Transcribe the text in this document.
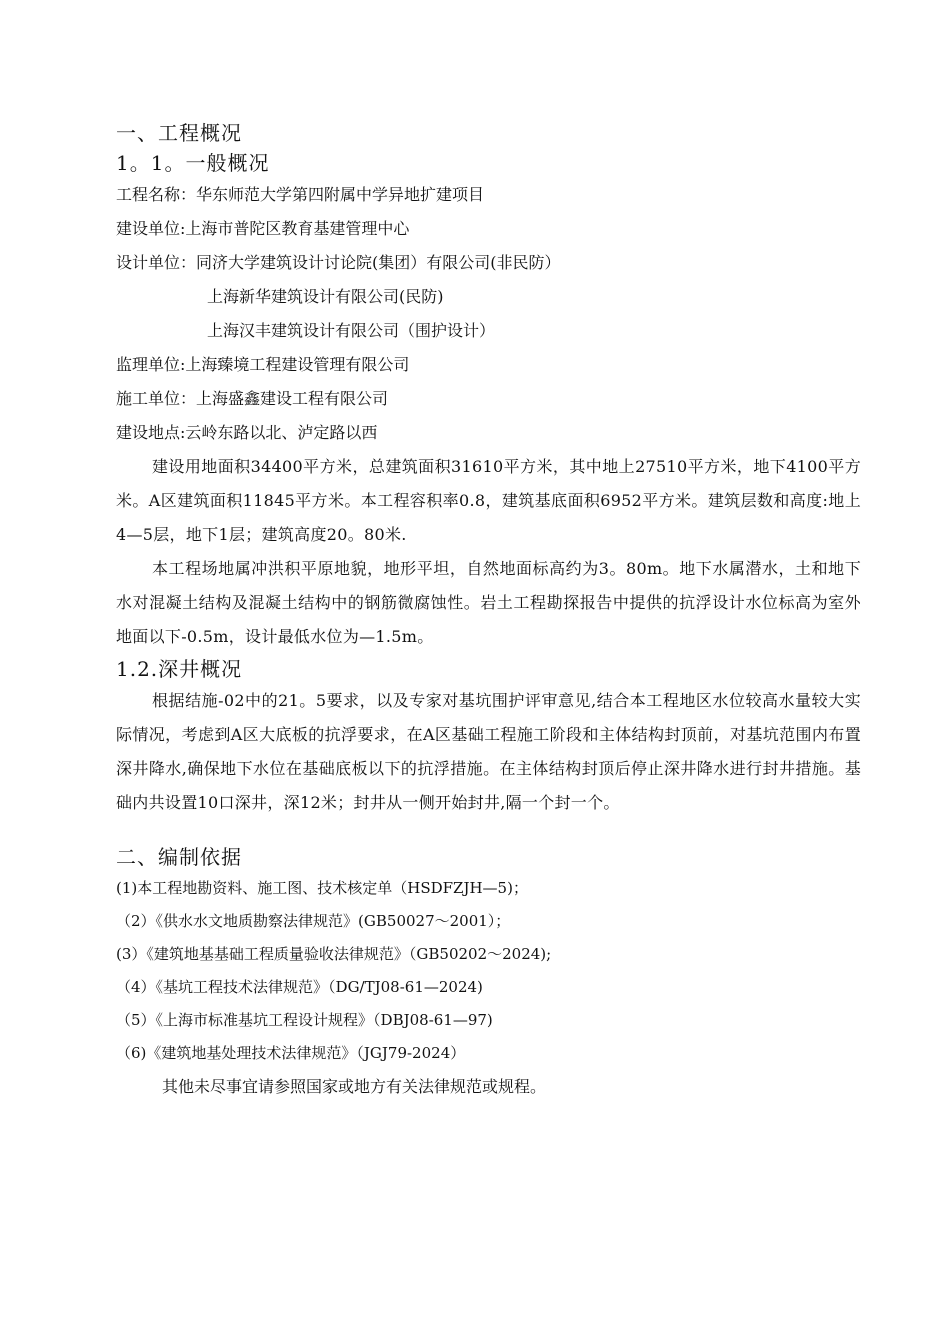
一、工程概况

1。1。一般概况

工程名称：华东师范大学第四附属中学异地扩建项目

建设单位:上海市普陀区教育基建管理中心

设计单位：同济大学建筑设计讨论院(集团）有限公司(非民防）

上海新华建筑设计有限公司(民防)

上海汉丰建筑设计有限公司（围护设计）

监理单位:上海臻境工程建设管理有限公司

施工单位：上海盛鑫建设工程有限公司

建设地点:云岭东路以北、泸定路以西

建设用地面积34400平方米，总建筑面积31610平方米，其中地上27510平方米，地下4100平方米。A区建筑面积11845平方米。本工程容积率0.8，建筑基底面积6952平方米。建筑层数和高度:地上4—5层，地下1层；建筑高度20。80米.

本工程场地属冲洪积平原地貌，地形平坦，自然地面标高约为3。80m。地下水属潜水，土和地下水对混凝土结构及混凝土结构中的钢筋微腐蚀性。岩土工程勘探报告中提供的抗浮设计水位标高为室外地面以下-0.5m，设计最低水位为—1.5m。

1.2.深井概况

根据结施-02中的21。5要求，以及专家对基坑围护评审意见,结合本工程地区水位较高水量较大实际情况，考虑到A区大底板的抗浮要求，在A区基础工程施工阶段和主体结构封顶前，对基坑范围内布置深井降水,确保地下水位在基础底板以下的抗浮措施。在主体结构封顶后停止深井降水进行封井措施。基础内共设置10口深井，深12米；封井从一侧开始封井,隔一个封一个。

二、编制依据

(1)本工程地勘资料、施工图、技术核定单（HSDFZJH—5)；

（2）《供水水文地质勘察法律规范》(GB50027～2001）；

(3）《建筑地基基础工程质量验收法律规范》（GB50202～2024);

（4）《基坑工程技术法律规范》（DG/TJ08-61—2024)

（5）《上海市标准基坑工程设计规程》（DBJ08-61—97)

（6)《建筑地基处理技术法律规范》（JGJ79-2024）

其他未尽事宜请参照国家或地方有关法律规范或规程。
